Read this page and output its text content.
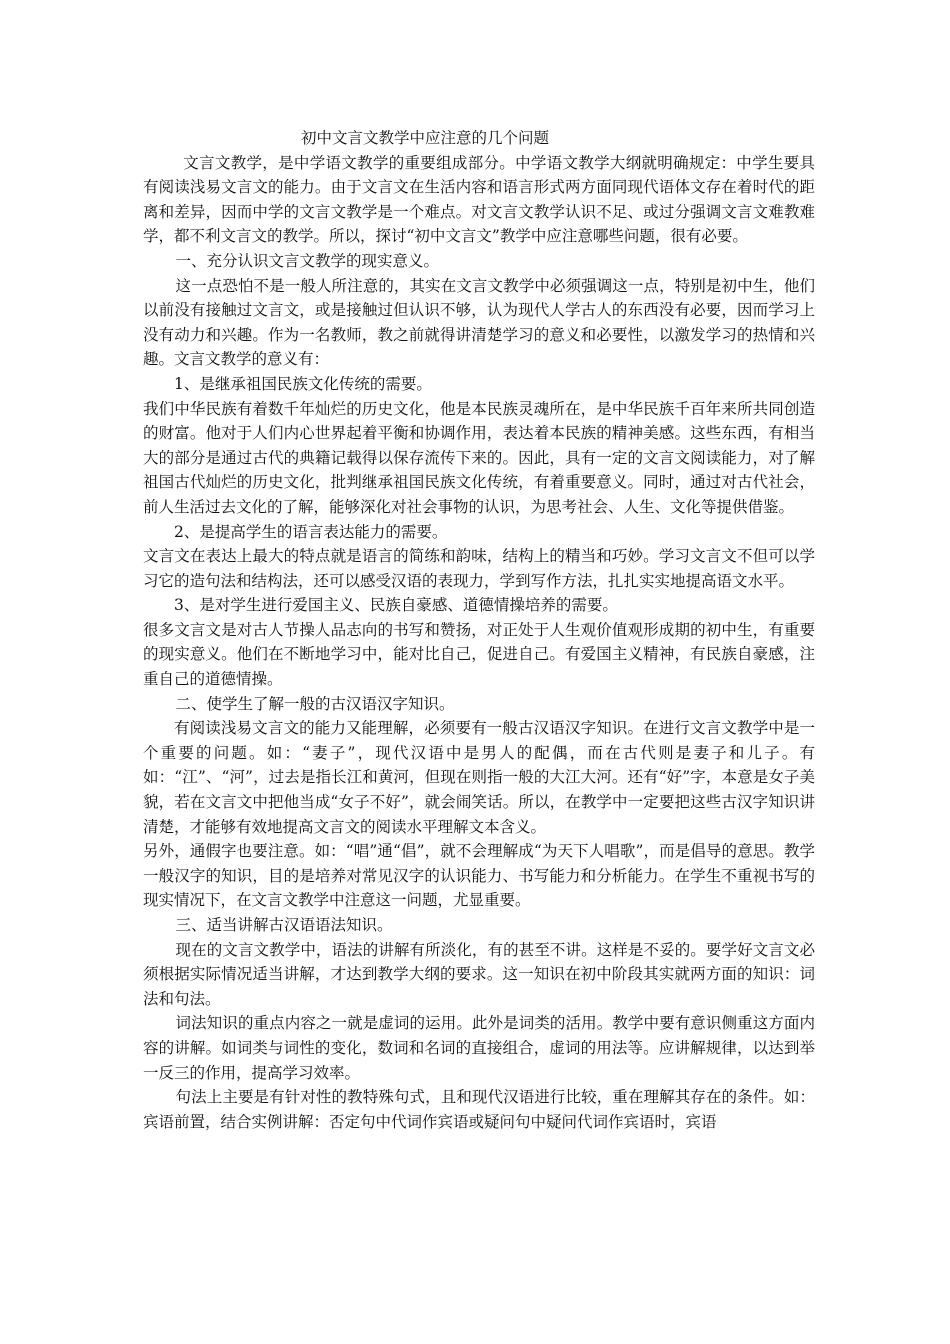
初中文言文教学中应注意的几个问题

文言文教学，是中学语文教学的重要组成部分。中学语文教学大纲就明确规定：中学生要具有阅读浅易文言文的能力。由于文言文在生活内容和语言形式两方面同现代语体文存在着时代的距离和差异，因而中学的文言文教学是一个难点。对文言文教学认识不足、或过分强调文言文难教难学，都不利文言文的教学。所以，探讨“初中文言文”教学中应注意哪些问题，很有必要。

一、充分认识文言文教学的现实意义。

这一点恐怕不是一般人所注意的，其实在文言文教学中必须强调这一点，特别是初中生，他们以前没有接触过文言文，或是接触过但认识不够，认为现代人学古人的东西没有必要，因而学习上没有动力和兴趣。作为一名教师，教之前就得讲清楚学习的意义和必要性，以激发学习的热情和兴趣。文言文教学的意义有：

1、是继承祖国民族文化传统的需要。

我们中华民族有着数千年灿烂的历史文化，他是本民族灵魂所在，是中华民族千百年来所共同创造的财富。他对于人们内心世界起着平衡和协调作用，表达着本民族的精神美感。这些东西，有相当大的部分是通过古代的典籍记载得以保存流传下来的。因此，具有一定的文言文阅读能力，对了解祖国古代灿烂的历史文化，批判继承祖国民族文化传统，有着重要意义。同时，通过对古代社会，前人生活过去文化的了解，能够深化对社会事物的认识，为思考社会、人生、文化等提供借鉴。

2、是提高学生的语言表达能力的需要。

文言文在表达上最大的特点就是语言的简练和韵味，结构上的精当和巧妙。学习文言文不但可以学习它的造句法和结构法，还可以感受汉语的表现力，学到写作方法，扎扎实实地提高语文水平。

3、是对学生进行爱国主义、民族自豪感、道德情操培养的需要。

很多文言文是对古人节操人品志向的书写和赞扬，对正处于人生观价值观形成期的初中生，有重要的现实意义。他们在不断地学习中，能对比自己，促进自己。有爱国主义精神，有民族自豪感，注重自己的道德情操。

二、使学生了解一般的古汉语汉字知识。

有阅读浅易文言文的能力又能理解，必须要有一般古汉语汉字知识。在进行文言文教学中是一个重要的问题。如：“妻子”，现代汉语中是男人的配偶，而在古代则是妻子和儿子。有如：“江”、“河”，过去是指长江和黄河，但现在则指一般的大江大河。还有“好”字，本意是女子美貌，若在文言文中把他当成“女子不好”，就会闹笑话。所以，在教学中一定要把这些古汉字知识讲清楚，才能够有效地提高文言文的阅读水平理解文本含义。

另外，通假字也要注意。如：“唱”通“倡”，就不会理解成“为天下人唱歌”，而是倡导的意思。教学一般汉字的知识，目的是培养对常见汉字的认识能力、书写能力和分析能力。在学生不重视书写的现实情况下，在文言文教学中注意这一问题，尤显重要。

三、适当讲解古汉语语法知识。

现在的文言文教学中，语法的讲解有所淡化，有的甚至不讲。这样是不妥的。要学好文言文必须根据实际情况适当讲解，才达到教学大纲的要求。这一知识在初中阶段其实就两方面的知识：词法和句法。

词法知识的重点内容之一就是虚词的运用。此外是词类的活用。教学中要有意识侧重这方面内容的讲解。如词类与词性的变化，数词和名词的直接组合，虚词的用法等。应讲解规律，以达到举一反三的作用，提高学习效率。

句法上主要是有针对性的教特殊句式，且和现代汉语进行比较，重在理解其存在的条件。如：宾语前置，结合实例讲解：否定句中代词作宾语或疑问句中疑问代词作宾语时，宾语
